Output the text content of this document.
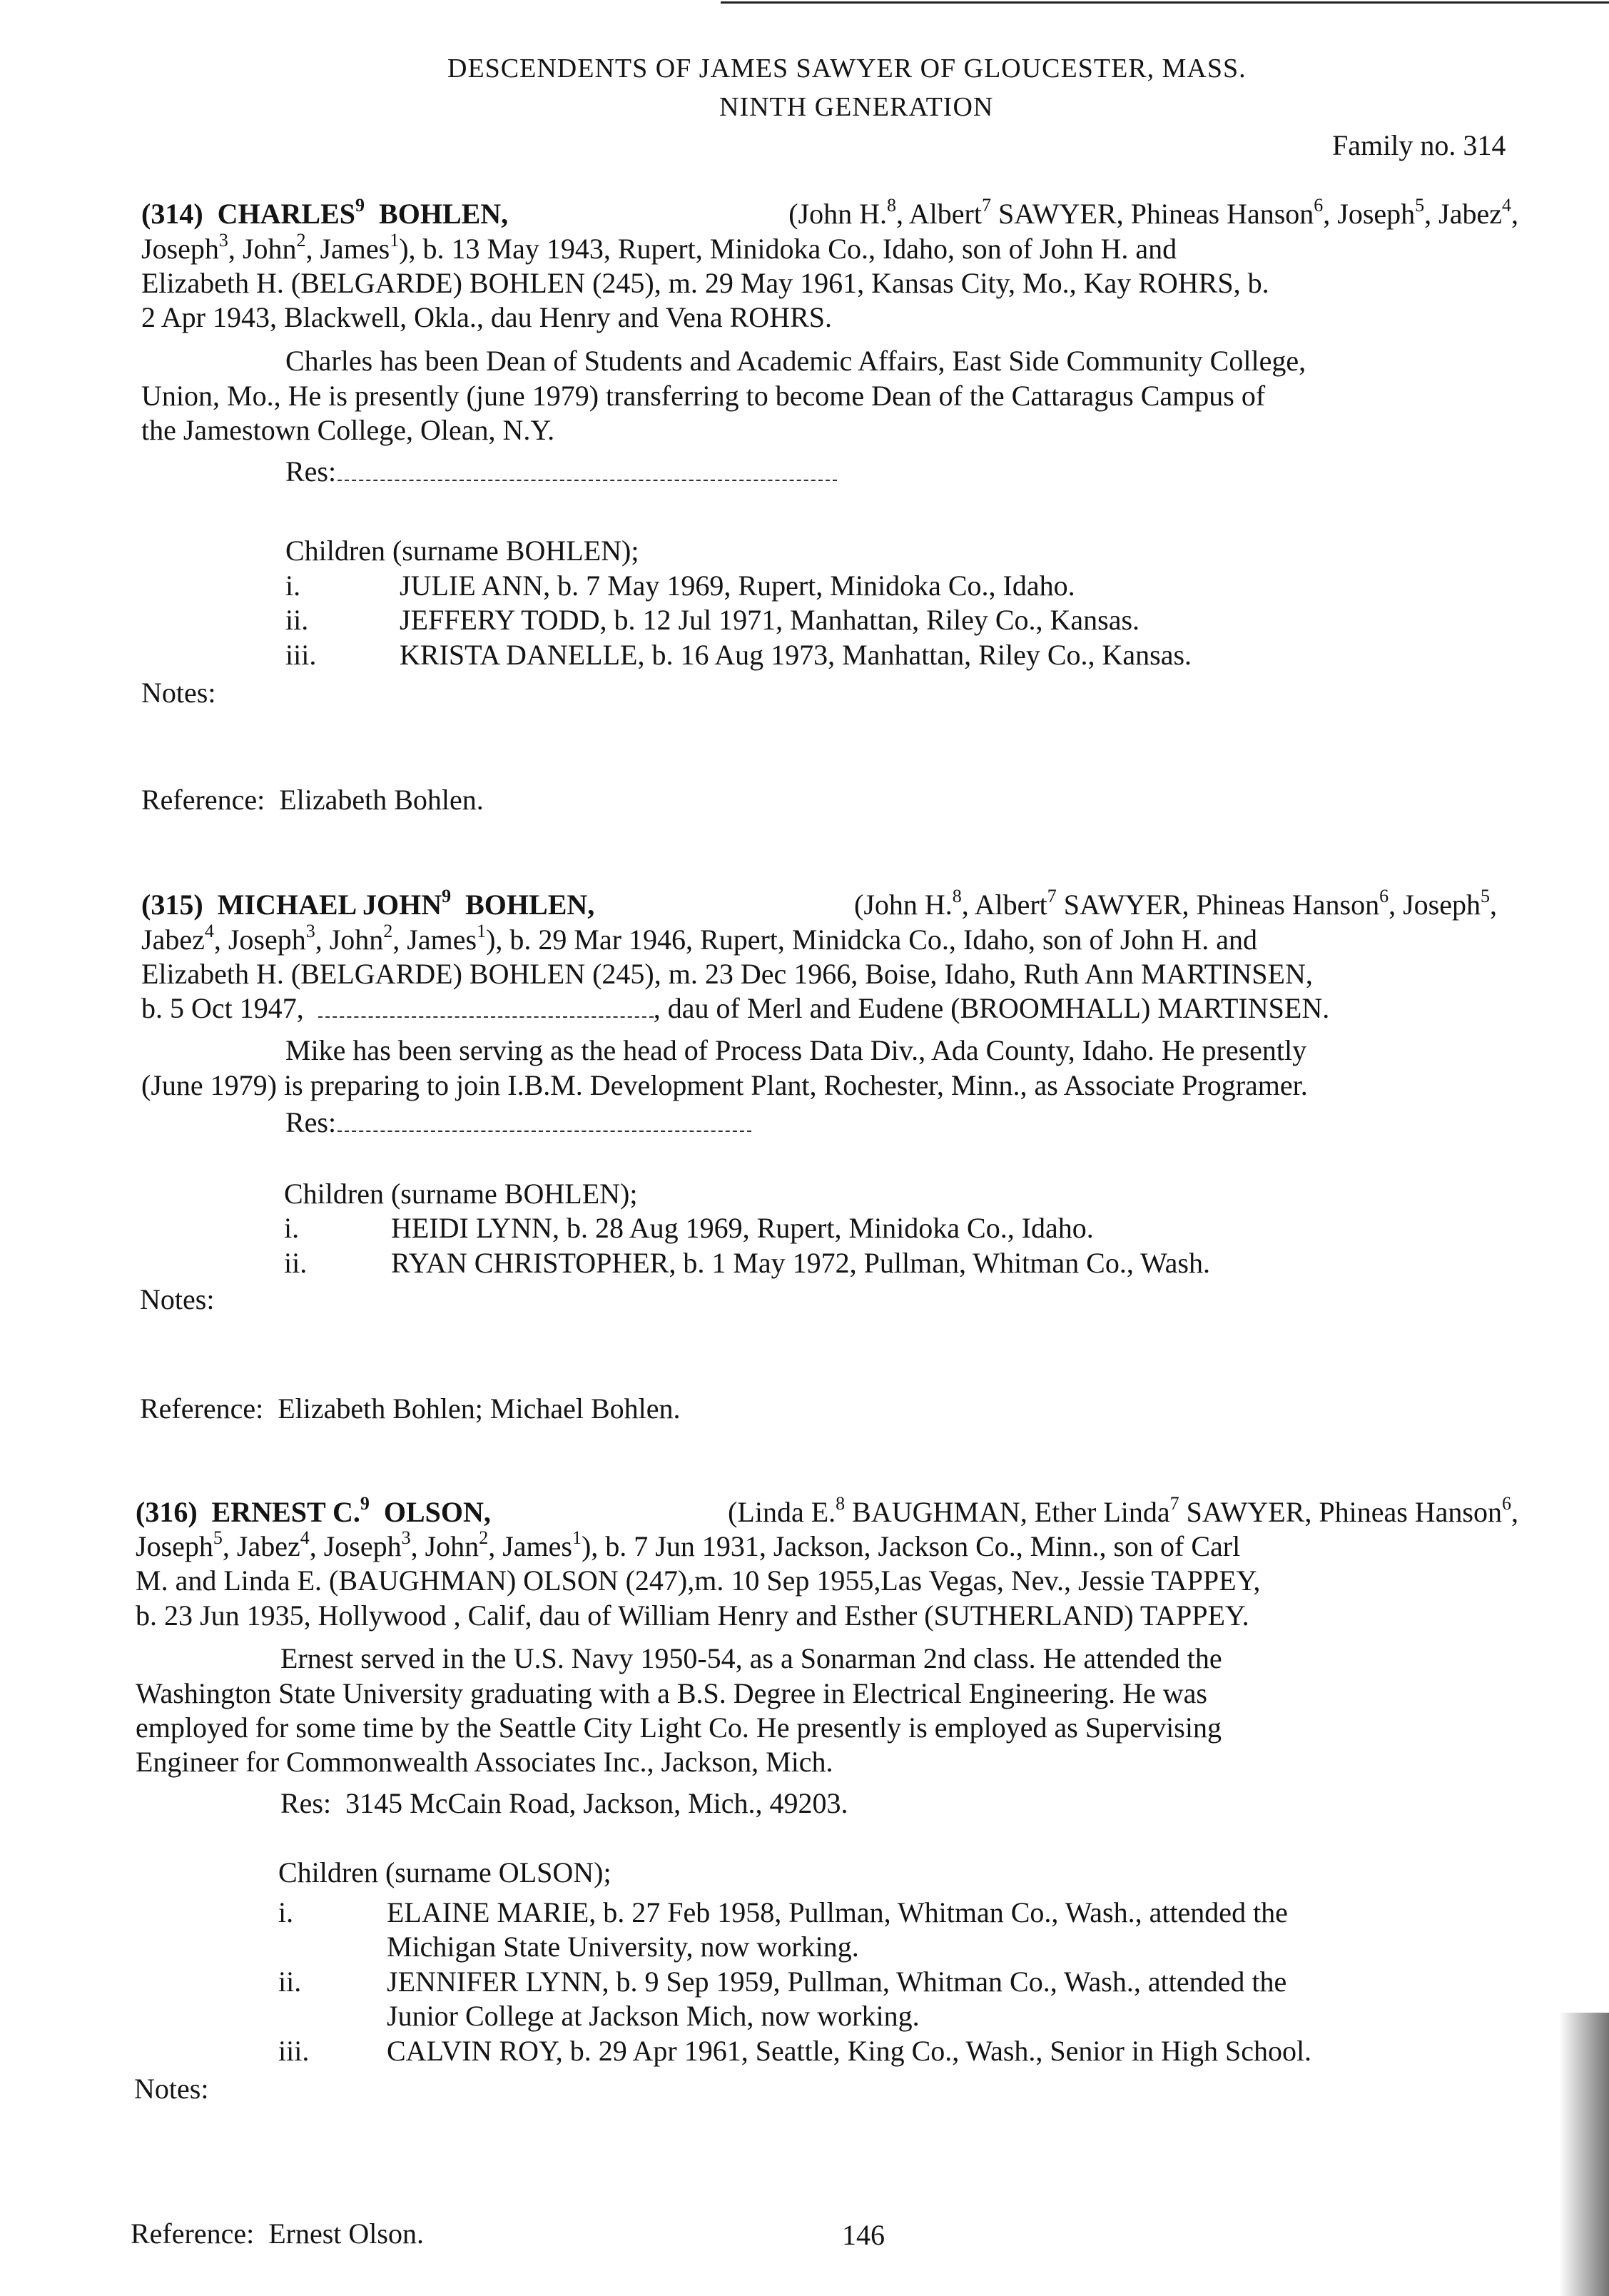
DESCENDENTS OF JAMES SAWYER OF GLOUCESTER, MASS.
NINTH GENERATION
Family no. 314
(314) CHARLES$^9$ BOHLEN,	(John H.$^8$, Albert$^7$ SAWYER, Phineas Hanson$^6$, Joseph$^5$, Jabez$^4$,
Joseph$^3$, John$^2$, James$^1$), b. 13 May 1943, Rupert, Minidoka Co., Idaho, son of John H. and
Elizabeth H. (BELGARDE) BOHLEN (245), m. 29 May 1961, Kansas City, Mo., Kay ROHRS, b.
2 Apr 1943, Blackwell, Okla., dau Henry and Vena ROHRS.
Charles has been Dean of Students and Academic Affairs, East Side Community College,
Union, Mo., He is presently (june 1979) transferring to become Dean of the Cattaragus Campus of
the Jamestown College, Olean, N.Y.
Res:
Children (surname BOHLEN);
i.	JULIE ANN, b. 7 May 1969, Rupert, Minidoka Co., Idaho.
ii.	JEFFERY TODD, b. 12 Jul 1971, Manhattan, Riley Co., Kansas.
iii.	KRISTA DANELLE, b. 16 Aug 1973, Manhattan, Riley Co., Kansas.
Notes:
Reference: Elizabeth Bohlen.
(315) MICHAEL JOHN$^9$ BOHLEN,	(John H.$^8$, Albert$^7$ SAWYER, Phineas Hanson$^6$, Joseph$^5$,
Jabez$^4$, Joseph$^3$, John$^2$, James$^1$), b. 29 Mar 1946, Rupert, Minidcka Co., Idaho, son of John H. and
Elizabeth H. (BELGARDE) BOHLEN (245), m. 23 Dec 1966, Boise, Idaho, Ruth Ann MARTINSEN,
b. 5 Oct 1947,	, dau of Merl and Eudene (BROOMHALL) MARTINSEN.
Mike has been serving as the head of Process Data Div., Ada County, Idaho. He presently
(June 1979) is preparing to join I.B.M. Development Plant, Rochester, Minn., as Associate Programer.
Res:
Children (surname BOHLEN);
i.	HEIDI LYNN, b. 28 Aug 1969, Rupert, Minidoka Co., Idaho.
ii.	RYAN CHRISTOPHER, b. 1 May 1972, Pullman, Whitman Co., Wash.
Notes:
Reference: Elizabeth Bohlen; Michael Bohlen.
(316) ERNEST C.$^9$ OLSON,	(Linda E.$^8$ BAUGHMAN, Ether Linda$^7$ SAWYER, Phineas Hanson$^6$,
Joseph$^5$, Jabez$^4$, Joseph$^3$, John$^2$, James$^1$), b. 7 Jun 1931, Jackson, Jackson Co., Minn., son of Carl
M. and Linda E. (BAUGHMAN) OLSON (247),m. 10 Sep 1955,Las Vegas, Nev., Jessie TAPPEY,
b. 23 Jun 1935, Hollywood , Calif, dau of William Henry and Esther (SUTHERLAND) TAPPEY.
Ernest served in the U.S. Navy 1950-54, as a Sonarman 2nd class. He attended the
Washington State University graduating with a B.S. Degree in Electrical Engineering. He was
employed for some time by the Seattle City Light Co. He presently is employed as Supervising
Engineer for Commonwealth Associates Inc., Jackson, Mich.
Res: 3145 McCain Road, Jackson, Mich., 49203.
Children (surname OLSON);
i.	ELAINE MARIE, b. 27 Feb 1958, Pullman, Whitman Co., Wash., attended the
Michigan State University, now working.
ii.	JENNIFER LYNN, b. 9 Sep 1959, Pullman, Whitman Co., Wash., attended the
Junior College at Jackson Mich, now working.
iii.	CALVIN ROY, b. 29 Apr 1961, Seattle, King Co., Wash., Senior in High School.
Notes:
Reference: Ernest Olson.	146
